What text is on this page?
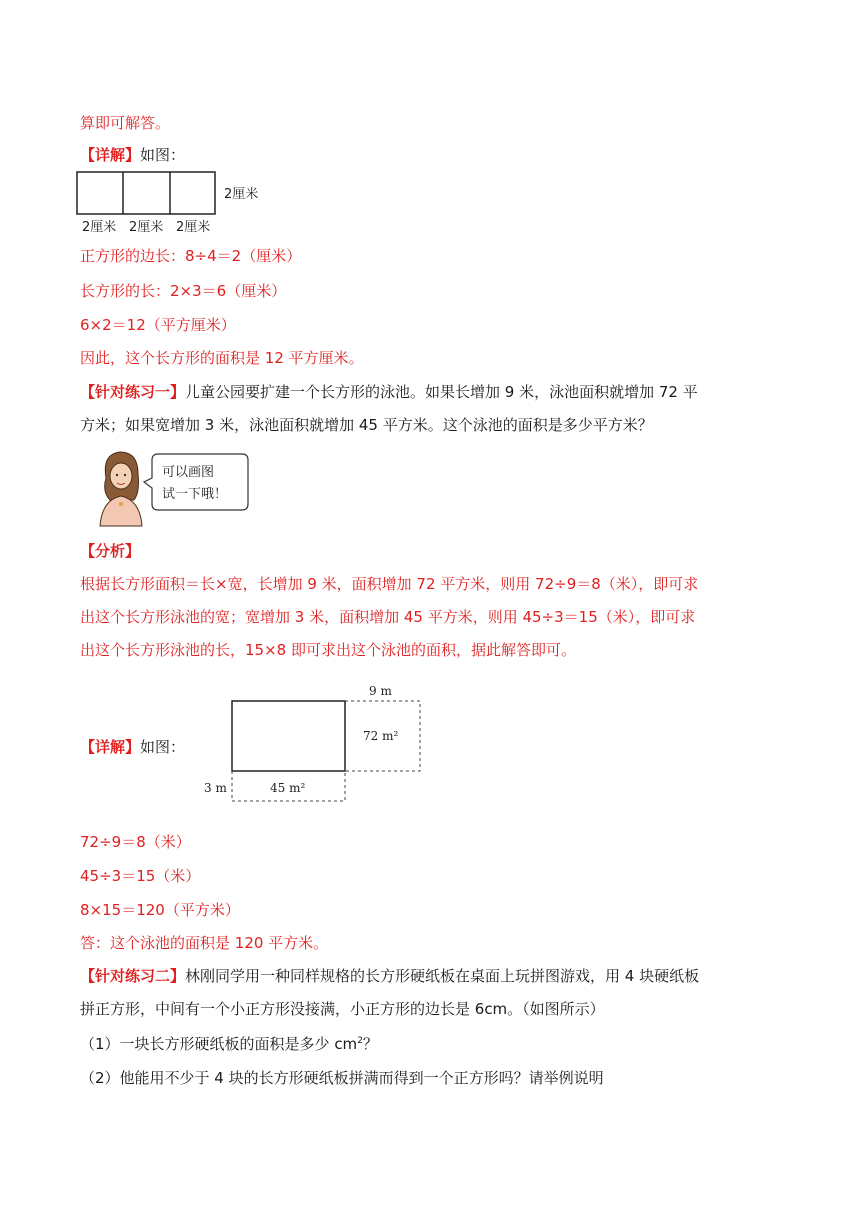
算即可解答。
【详解】如图：
2厘米 2厘米 2厘米
2厘米
正方形的边长：8÷4＝2（厘米）
长方形的长：2×3＝6（厘米）
6×2＝12（平方厘米）
因此，这个长方形的面积是 12 平方厘米。
【针对练习一】儿童公园要扩建一个长方形的泳池。如果长增加 9 米，泳池面积就增加 72 平
方米；如果宽增加 3 米，泳池面积就增加 45 平方米。这个泳池的面积是多少平方米？
可以画图
试一下哦！
【分析】
根据长方形面积＝长×宽，长增加 9 米，面积增加 72 平方米，则用 72÷9＝8（米），即可求
出这个长方形泳池的宽；宽增加 3 米，面积增加 45 平方米，则用 45÷3＝15（米），即可求
出这个长方形泳池的长，15×8 即可求出这个泳池的面积，据此解答即可。
【详解】如图：
9 m
72 m²
3 m	45 m²
72÷9＝8（米）
45÷3＝15（米）
8×15＝120（平方米）
答：这个泳池的面积是 120 平方米。
【针对练习二】林刚同学用一种同样规格的长方形硬纸板在桌面上玩拼图游戏，用 4 块硬纸板
拼正方形，中间有一个小正方形没接满，小正方形的边长是 6cm。（如图所示）
（1）一块长方形硬纸板的面积是多少 $cm^2$？
（2）他能用不少于 4 块的长方形硬纸板拼满而得到一个正方形吗？请举例说明
